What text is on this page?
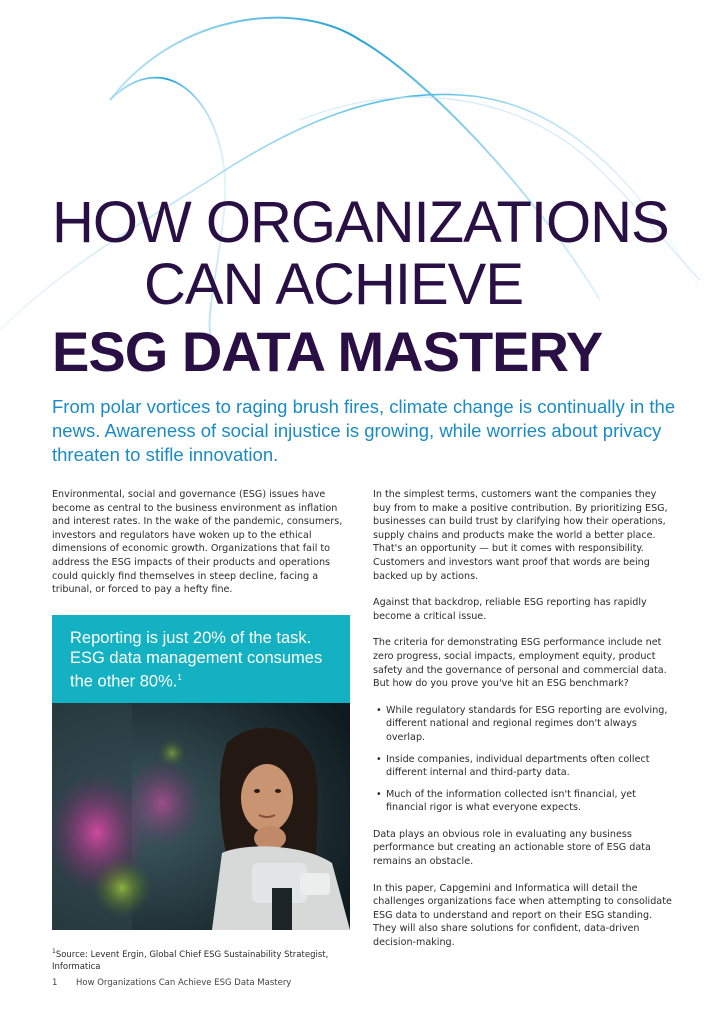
HOW ORGANIZATIONS
CAN ACHIEVE
ESG DATA MASTERY

From polar vortices to raging brush fires, climate change is continually in the news. Awareness of social injustice is growing, while worries about privacy threaten to stifle innovation.

Environmental, social and governance (ESG) issues have become as central to the business environment as inflation and interest rates. In the wake of the pandemic, consumers, investors and regulators have woken up to the ethical dimensions of economic growth. Organizations that fail to address the ESG impacts of their products and operations could quickly find themselves in steep decline, facing a tribunal, or forced to pay a hefty fine.

Reporting is just 20% of the task. ESG data management consumes the other 80%.$^1$

In the simplest terms, customers want the companies they buy from to make a positive contribution. By prioritizing ESG, businesses can build trust by clarifying how their operations, supply chains and products make the world a better place. That's an opportunity — but it comes with responsibility. Customers and investors want proof that words are being backed up by actions.

Against that backdrop, reliable ESG reporting has rapidly become a critical issue.

The criteria for demonstrating ESG performance include net zero progress, social impacts, employment equity, product safety and the governance of personal and commercial data. But how do you prove you've hit an ESG benchmark?

• While regulatory standards for ESG reporting are evolving, different national and regional regimes don't always overlap.
• Inside companies, individual departments often collect different internal and third-party data.
• Much of the information collected isn't financial, yet financial rigor is what everyone expects.

Data plays an obvious role in evaluating any business performance but creating an actionable store of ESG data remains an obstacle.

In this paper, Capgemini and Informatica will detail the challenges organizations face when attempting to consolidate ESG data to understand and report on their ESG standing. They will also share solutions for confident, data-driven decision-making.

$^1$Source: Levent Ergin, Global Chief ESG Sustainability Strategist, Informatica

1 How Organizations Can Achieve ESG Data Mastery
